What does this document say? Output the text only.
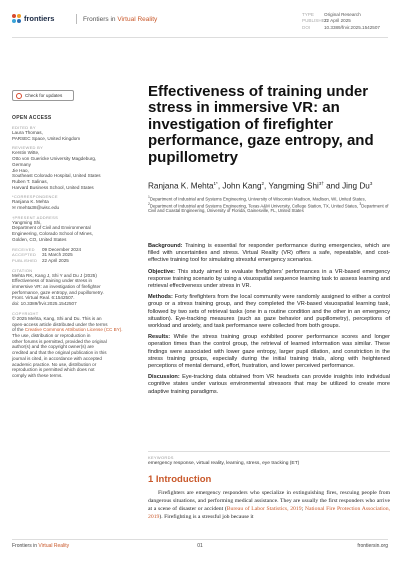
frontiers	Frontiers in Virtual Reality
TYPE Original Research
PUBLISHED22 April 2025
DOI	10.3389/frvir.2025.1542507
Check for updates
OPEN ACCESS
EDITED BY
Laura Thomas,
PARSEC Space, United Kingdom
REVIEWED BY
Kerstin Witte,
Otto von Guericke University Magdeburg,
Germany
Jie Hao,
Southeast Colorado Hospital, United States
Ruben T. Salinas,
Harvard Business School, United States
*CORRESPONDENCE
Ranjana K. Mehta
✉ rmehta38@wisc.edu
†PRESENT ADDRESS
Yangming Shi,
Department of Civil and Environmental
Engineering, Colorado School of Mines,
Golden, CO, United States
RECEIVED 09 December 2024
ACCEPTED 31 March 2025
PUBLISHED 22 April 2025
CITATION
Mehta RK, Kang J, Shi Y and Du J (2025)
Effectiveness of training under stress in
immersive VR: an investigation of firefighter
performance, gaze entropy, and pupillometry.
Front. Virtual Real. 6:1542507.
doi: 10.3389/frvir.2025.1542507
COPYRIGHT
© 2025 Mehta, Kang, Shi and Du. This is an
open-access article distributed under the terms
of the Creative Commons Attribution License (CC BY).
The use, distribution or reproduction in
other forums is permitted, provided the original
author(s) and the copyright owner(s) are
credited and that the original publication in this
journal is cited, in accordance with accepted
academic practice. No use, distribution or
reproduction is permitted which does not
comply with these terms.
Effectiveness of training under stress in immersive VR: an investigation of firefighter performance, gaze entropy, and pupillometry
Ranjana K. Mehta$^{1*}$, John Kang$^2$, Yangming Shi$^{3\dagger}$ and Jing Du$^3$
$^1$Department of Industrial and Systems Engineering, University of Wisconsin Madison, Madison, WI, United States, $^2$Department of Industrial and Systems Engineering, Texas A&M University, College Station, TX, United States, $^3$Department of Civil and Coastal Engineering, University of Florida, Gainesville, FL, United States

Background: Training is essential for responder performance during emergencies, which are filled with uncertainties and stress. Virtual Reality (VR) offers a safe, repeatable, and cost-effective training tool for simulating stressful emergency scenarios.

Objective: This study aimed to evaluate firefighters' performances in a VR-based emergency response training scenario by using a visuospatial sequence learning task to assess learning and retrieval effectiveness under stress in VR.

Methods: Forty firefighters from the local community were randomly assigned to either a control group or a stress training group, and they completed the VR-based visuospatial learning task, followed by two sets of retrieval tasks (one in a routine condition and the other in an emergency situation). Eye-tracking measures (such as gaze behavior and pupillometry), perceptions of workload and anxiety, and task performance were collected from both groups.

Results: While the stress training group exhibited poorer performance scores and longer operation times than the control group, the retrieval of learned information was similar. These findings were associated with lower gaze entropy, larger pupil dilation, and constriction in the stress training groups, especially during the initial training trials, along with heightened perceptions of mental demand, effort, frustration, and lower perceived performance.

Discussion: Eye-tracking data obtained from VR headsets can provide insights into individual cognitive states under various environmental stressors that may be utilized to create more adaptive training paradigms.

KEYWORDS
emergency response, virtual reality, learning, stress, eye tracking (ET)
1 Introduction

Firefighters are emergency responders who specialize in extinguishing fires, rescuing people from dangerous situations, and performing medical assistance. They are usually the first responders who arrive at a scene of disaster or accident (Bureau of Labor Statistics, 2019; National Fire Protection Association, 2019). Firefighting is a stressful job because it

Frontiers in Virtual Reality	01	frontiersin.org
